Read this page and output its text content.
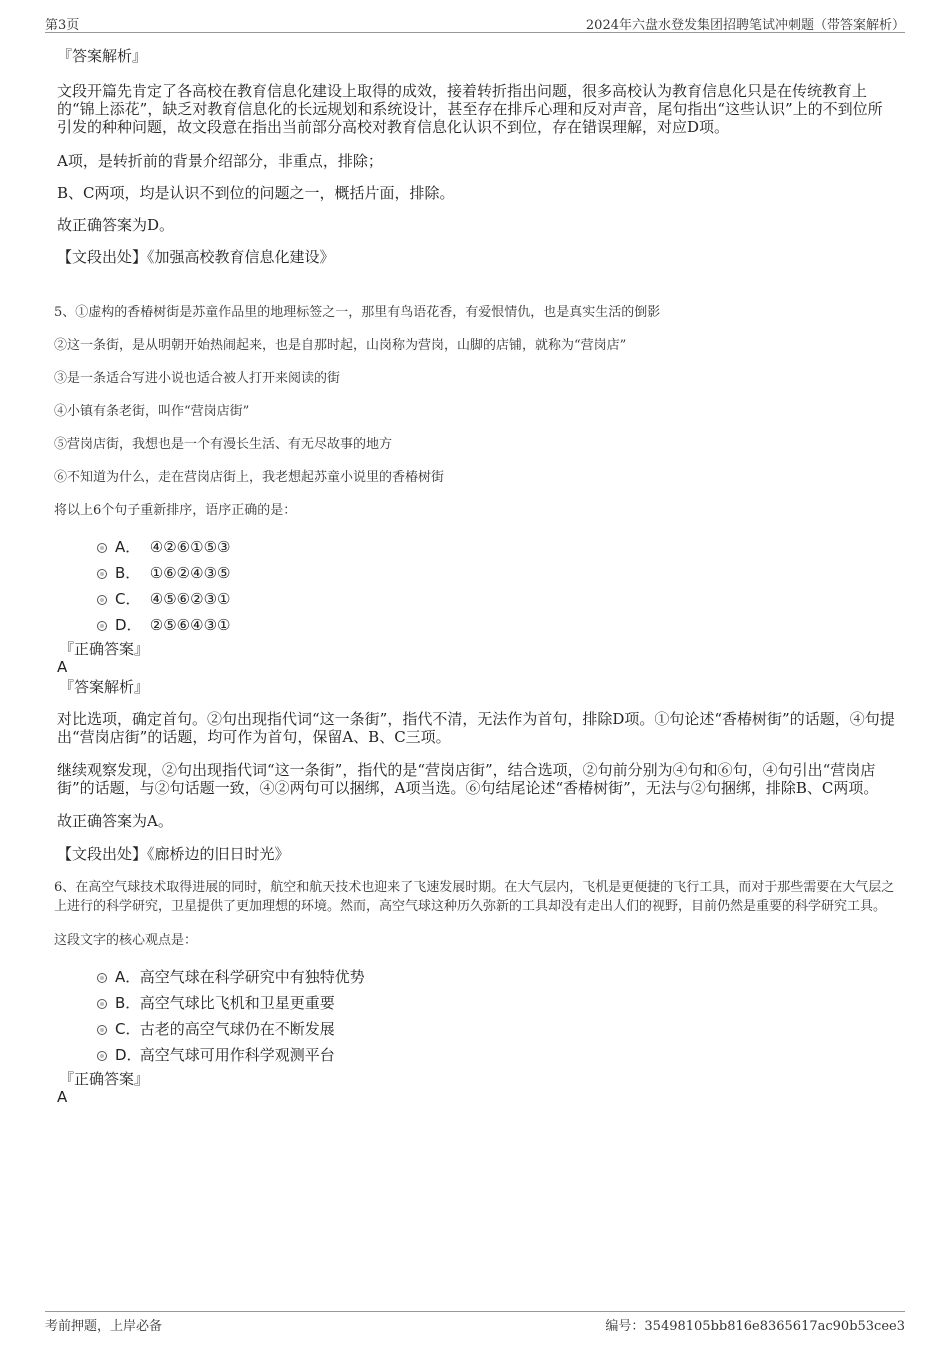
第3页	2024年六盘水登发集团招聘笔试冲刺题（带答案解析）

『答案解析』

文段开篇先肯定了各高校在教育信息化建设上取得的成效，接着转折指出问题，很多高校认为教育信息化只是在传统教育上的“锦上添花”，缺乏对教育信息化的长远规划和系统设计，甚至存在排斥心理和反对声音，尾句指出“这些认识”上的不到位所引发的种种问题，故文段意在指出当前部分高校对教育信息化认识不到位，存在错误理解，对应D项。

A项，是转折前的背景介绍部分，非重点，排除；

B、C两项，均是认识不到位的问题之一，概括片面，排除。

故正确答案为D。

【文段出处】《加强高校教育信息化建设》

5、①虚构的香椿树街是苏童作品里的地理标签之一，那里有鸟语花香，有爱恨情仇，也是真实生活的倒影

②这一条街，是从明朝开始热闹起来，也是自那时起，山岗称为营岗，山脚的店铺，就称为“营岗店”

③是一条适合写进小说也适合被人打开来阅读的街

④小镇有条老街，叫作“营岗店街”

⑤营岗店街，我想也是一个有漫长生活、有无尽故事的地方

⑥不知道为什么，走在营岗店街上，我老想起苏童小说里的香椿树街

将以上6个句子重新排序，语序正确的是：

A． ④②⑥①⑤③
B． ①⑥②④③⑤
C． ④⑤⑥②③①
D． ②⑤⑥④③①

『正确答案』

A

『答案解析』

对比选项，确定首句。②句出现指代词“这一条街”，指代不清，无法作为首句，排除D项。①句论述“香椿树街”的话题，④句提出“营岗店街”的话题，均可作为首句，保留A、B、C三项。

继续观察发现，②句出现指代词“这一条街”，指代的是“营岗店街”，结合选项，②句前分别为④句和⑥句，④句引出“营岗店街”的话题，与②句话题一致，④②两句可以捆绑，A项当选。⑥句结尾论述“香椿树街”，无法与②句捆绑，排除B、C两项。

故正确答案为A。

【文段出处】《廊桥边的旧日时光》

6、在高空气球技术取得进展的同时，航空和航天技术也迎来了飞速发展时期。在大气层内，飞机是更便捷的飞行工具，而对于那些需要在大气层之上进行的科学研究，卫星提供了更加理想的环境。然而，高空气球这种历久弥新的工具却没有走出人们的视野，目前仍然是重要的科学研究工具。

这段文字的核心观点是：

A． 高空气球在科学研究中有独特优势
B． 高空气球比飞机和卫星更重要
C． 古老的高空气球仍在不断发展
D． 高空气球可用作科学观测平台

『正确答案』

A

考前押题，上岸必备	编号：35498105bb816e8365617ac90b53cee3
